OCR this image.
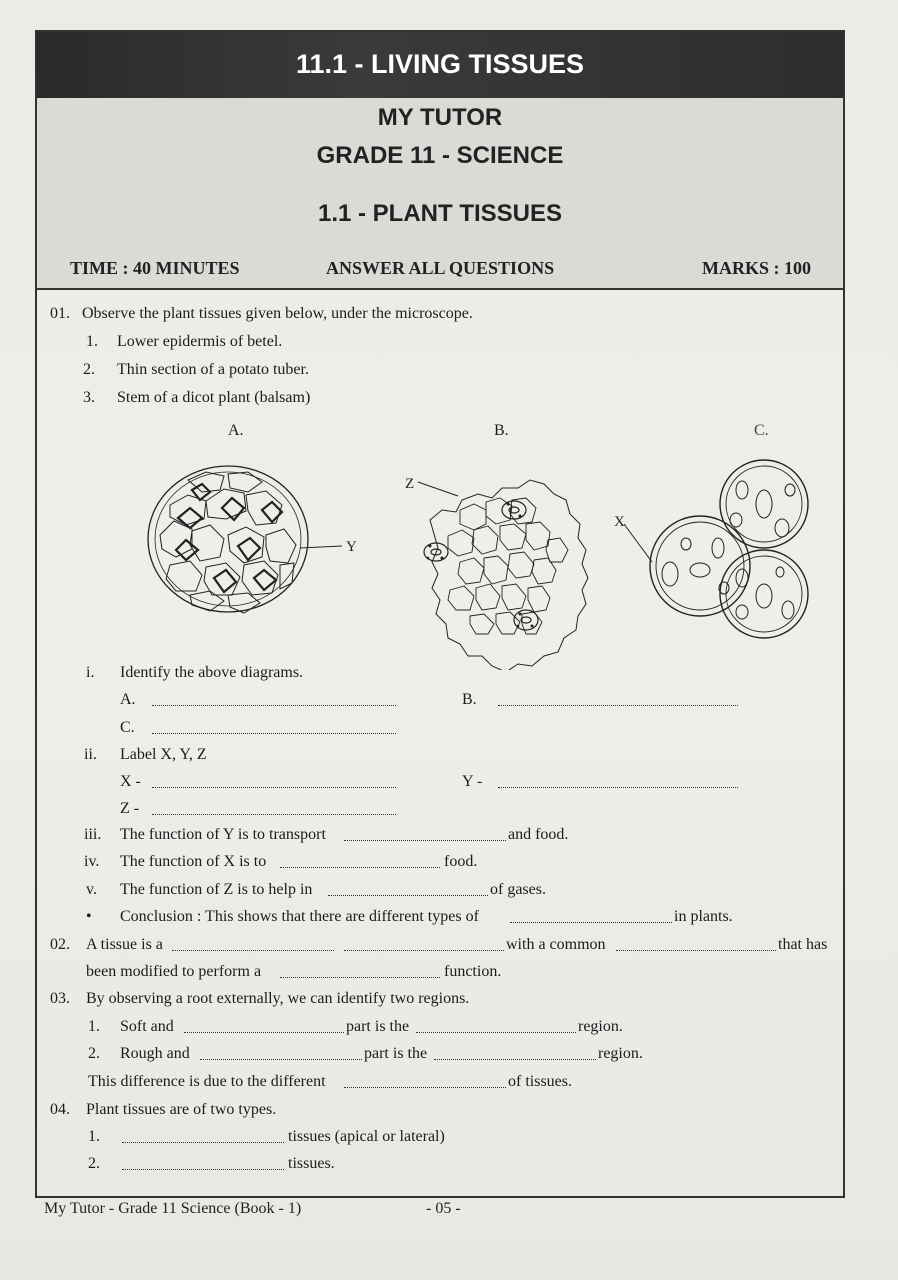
MY TUTOR
GRADE 11 - SCIENCE
1.1 - PLANT TISSUES
11.1 - LIVING TISSUES
TIME : 40 MINUTES	ANSWER ALL QUESTIONS	MARKS : 100
01. Observe the plant tissues given below, under the microscope.
1. Lower epidermis of betel.
2. Thin section of a potato tuber.
3. Stem of a dicot plant (balsam)
A.	B.	C.
Y
Z
X
i. Identify the above diagrams.
A.	B.
C.
ii. Label X, Y, Z
X -	Y -
Z -
iii. The function of Y is to transport	and food.
iv. The function of X is to	food.
v. The function of Z is to help in	of gases.
• Conclusion : This shows that there are different types of	in plants.
02. A tissue is a	with a common	that has
been modified to perform a	function.
03. By observing a root externally, we can identify two regions.
1. Soft and	part is the	region.
2. Rough and	part is the	region.
This difference is due to the different	of tissues.
04. Plant tissues are of two types.
1.	tissues (apical or lateral)
2.	tissues.
My Tutor - Grade 11 Science (Book - 1)	- 05 -
